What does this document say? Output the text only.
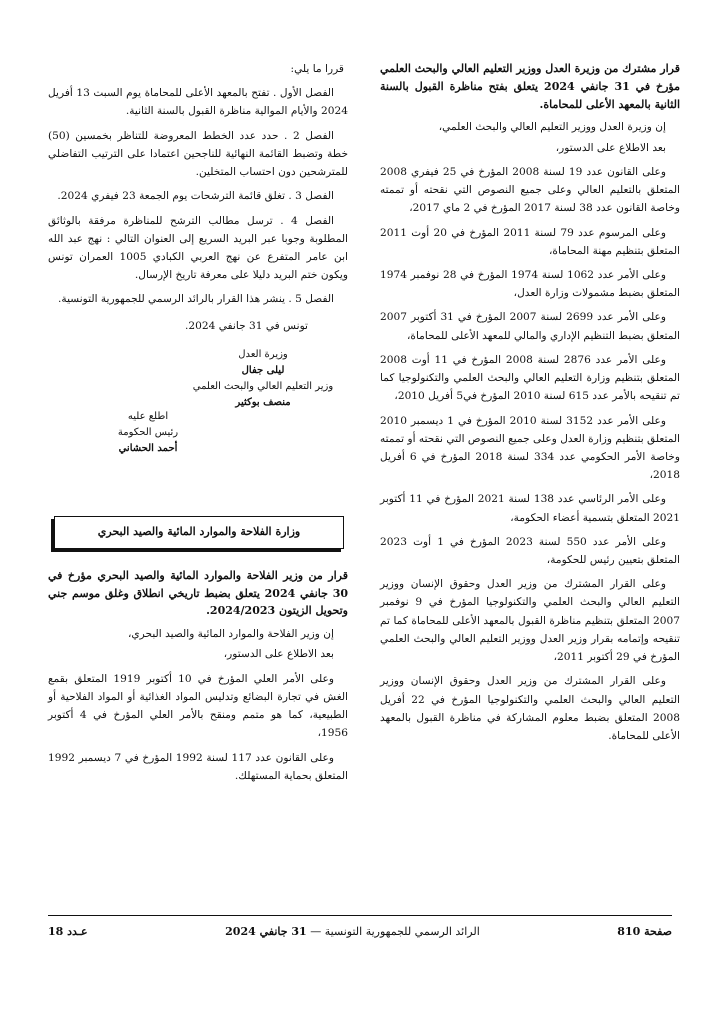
قرار مشترك من وزيرة العدل ووزير التعليم العالي والبحث العلمي مؤرخ في 31 جانفي 2024 يتعلق بفتح مناظرة القبول بالسنة الثانية بالمعهد الأعلى للمحاماة.
إن وزيرة العدل ووزير التعليم العالي والبحث العلمي،
بعد الاطلاع على الدستور،
وعلى القانون عدد 19 لسنة 2008 المؤرخ في 25 فيفري 2008 المتعلق بالتعليم العالي وعلى جميع النصوص التي نقحته أو تممته وخاصة القانون عدد 38 لسنة 2017 المؤرخ في 2 ماي 2017،
وعلى المرسوم عدد 79 لسنة 2011 المؤرخ في 20 أوت 2011 المتعلق بتنظيم مهنة المحاماة،
وعلى الأمر عدد 1062 لسنة 1974 المؤرخ في 28 نوفمبر 1974 المتعلق بضبط مشمولات وزارة العدل،
وعلى الأمر عدد 2699 لسنة 2007 المؤرخ في 31 أكتوبر 2007 المتعلق بضبط التنظيم الإداري والمالي للمعهد الأعلى للمحاماة،
وعلى الأمر عدد 2876 لسنة 2008 المؤرخ في 11 أوت 2008 المتعلق بتنظيم وزارة التعليم العالي والبحث العلمي والتكنولوجيا كما تم تنقيحه بالأمر عدد 615 لسنة 2010 المؤرخ في5 أفريل 2010،
وعلى الأمر عدد 3152 لسنة 2010 المؤرخ في 1 ديسمبر 2010 المتعلق بتنظيم وزارة العدل وعلى جميع النصوص التي نقحته أو تممته وخاصة الأمر الحكومي عدد 334 لسنة 2018 المؤرخ في 6 أفريل 2018،
وعلى الأمر الرئاسي عدد 138 لسنة 2021 المؤرخ في 11 أكتوبر 2021 المتعلق بتسمية أعضاء الحكومة،
وعلى الأمر عدد 550 لسنة 2023 المؤرخ في 1 أوت 2023 المتعلق بتعيين رئيس للحكومة،
وعلى القرار المشترك من وزير العدل وحقوق الإنسان ووزير التعليم العالي والبحث العلمي والتكنولوجيا المؤرخ في 9 نوفمبر 2007 المتعلق بتنظيم مناظرة القبول بالمعهد الأعلى للمحاماة كما تم تنقيحه وإتمامه بقرار وزير العدل ووزير التعليم العالي والبحث العلمي المؤرخ في 29 أكتوبر 2011،
وعلى القرار المشترك من وزير العدل وحقوق الإنسان ووزير التعليم العالي والبحث العلمي والتكنولوجيا المؤرخ في 22 أفريل 2008 المتعلق بضبط معلوم المشاركة في مناظرة القبول بالمعهد الأعلى للمحاماة.
قررا ما يلي:
الفصل الأول . تفتح بالمعهد الأعلى للمحاماة يوم السبت 13 أفريل 2024 والأيام الموالية مناظرة القبول بالسنة الثانية.
الفصل 2 . حدد عدد الخطط المعروضة للتناظر بخمسين (50) خطة وتضبط القائمة النهائية للناجحين اعتمادا على الترتيب التفاضلي للمترشحين دون احتساب المتخلين.
الفصل 3 . تغلق قائمة الترشحات يوم الجمعة 23 فيفري 2024.
الفصل 4 . ترسل مطالب الترشح للمناظرة مرفقة بالوثائق المطلوبة وجوبا عبر البريد السريع إلى العنوان التالي : نهج عبد الله ابن عامر المتفرع عن نهج العربي الكبادي 1005 العمران تونس ويكون ختم البريد دليلا على معرفة تاريخ الإرسال.
الفصل 5 . ينشر هذا القرار بالرائد الرسمي للجمهورية التونسية.
تونس في 31 جانفي 2024.
وزيرة العدل
ليلى جفال
وزير التعليم العالي والبحث العلمي
منصف بوكثير
اطلع عليه
رئيس الحكومة
أحمد الحشاني
وزارة الفلاحة والموارد المائية والصيد البحري
قرار من وزير الفلاحة والموارد المائية والصيد البحري مؤرخ في 30 جانفي 2024 يتعلق بضبط تاريخي انطلاق وغلق موسم جني وتحويل الزيتون 2024/2023.
إن وزير الفلاحة والموارد المائية والصيد البحري،
بعد الاطلاع على الدستور،
وعلى الأمر العلي المؤرخ في 10 أكتوبر 1919 المتعلق بقمع الغش في تجارة البضائع وتدليس المواد الغذائية أو المواد الفلاحية أو الطبيعية، كما هو متمم ومنقح بالأمر العلي المؤرخ في 4 أكتوبر 1956،
وعلى القانون عدد 117 لسنة 1992 المؤرخ في 7 ديسمبر 1992 المتعلق بحماية المستهلك.
صفحة 810
الرائد الرسمي للجمهورية التونسية — 31 جانفي 2024
عـدد 18
